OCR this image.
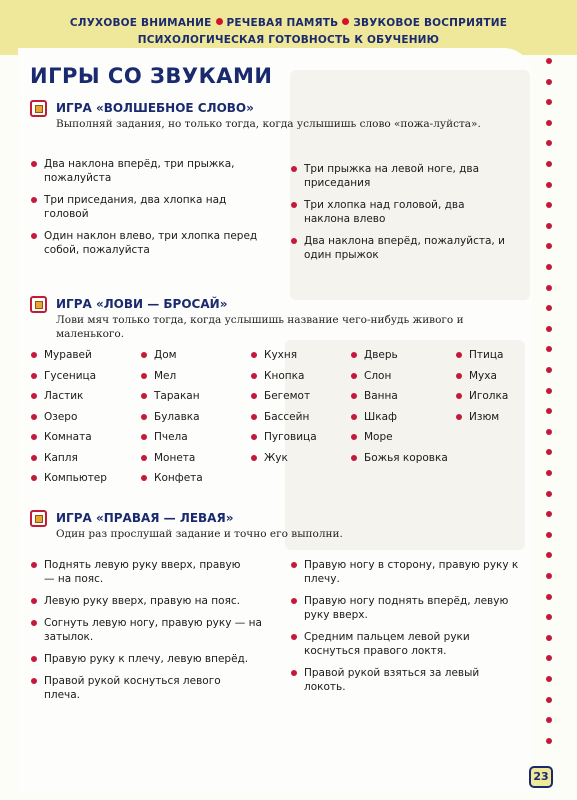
СЛУХОВОЕ ВНИМАНИЕ РЕЧЕВАЯ ПАМЯТЬ ЗВУКОВОЕ ВОСПРИЯТИЕ
ПСИХОЛОГИЧЕСКАЯ ГОТОВНОСТЬ К ОБУЧЕНИЮ
ИГРЫ СО ЗВУКАМИ
ИГРА «ВОЛШЕБНОЕ СЛОВО»
Выполняй задания, но только тогда, когда услышишь слово «пожа-луйста».
Два наклона вперёд, три прыжка, пожалуйста
Три приседания, два хлопка над головой
Один наклон влево, три хлопка перед собой, пожалуйста
Три прыжка на левой ноге, два приседания
Три хлопка над головой, два наклона влево
Два наклона вперёд, пожалуйста, и один прыжок
ИГРА «ЛОВИ — БРОСАЙ»
Лови мяч только тогда, когда услышишь название чего-нибудь живого и маленького.
Муравей
Гусеница
Ластик
Озеро
Комната
Капля
Компьютер
Дом
Мел
Таракан
Булавка
Пчела
Монета
Конфета
Кухня
Кнопка
Бегемот
Бассейн
Пуговица
Жук
Дверь
Слон
Ванна
Шкаф
Море
Божья коровка
Птица
Муха
Иголка
Изюм
ИГРА «ПРАВАЯ — ЛЕВАЯ»
Один раз прослушай задание и точно его выполни.
Поднять левую руку вверх, правую — на пояс.
Левую руку вверх, правую на пояс.
Согнуть левую ногу, правую руку — на затылок.
Правую руку к плечу, левую вперёд.
Правой рукой коснуться левого плеча.
Правую ногу в сторону, правую руку к плечу.
Правую ногу поднять вперёд, левую руку вверх.
Средним пальцем левой руки коснуться правого локтя.
Правой рукой взяться за левый локоть.
23
